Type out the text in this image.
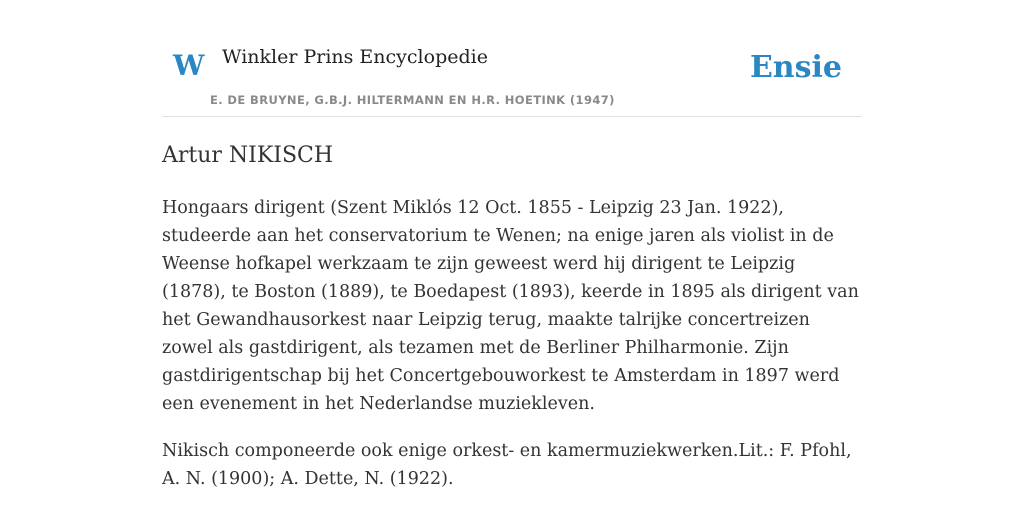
W Winkler Prins Encyclopedie
E. DE BRUYNE, G.B.J. HILTERMANN EN H.R. HOETINK (1947)
Ensie
Artur NIKISCH

Hongaars dirigent (Szent Miklós 12 Oct. 1855 - Leipzig 23 Jan. 1922), studeerde aan het conservatorium te Wenen; na enige jaren als violist in de Weense hofkapel werkzaam te zijn geweest werd hij dirigent te Leipzig (1878), te Boston (1889), te Boedapest (1893), keerde in 1895 als dirigent van het Gewandhausorkest naar Leipzig terug, maakte talrijke concertreizen zowel als gastdirigent, als tezamen met de Berliner Philharmonie. Zijn gastdirigentschap bij het Concertgebouworkest te Amsterdam in 1897 werd een evenement in het Nederlandse muziekleven.

Nikisch componeerde ook enige orkest- en kamermuziekwerken.Lit.: F. Pfohl, A. N. (1900); A. Dette, N. (1922).
